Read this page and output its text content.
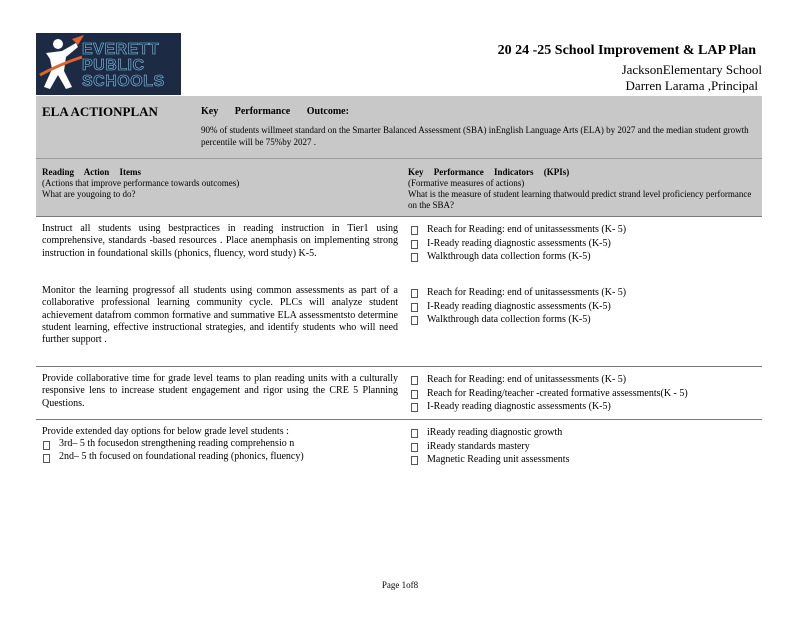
EVERETT
PUBLIC
SCHOOLS
20 24 -25 School Improvement & LAP Plan
JacksonElementary School
Darren Larama ,Principal
ELA ACTIONPLAN	Key Performance Outcome:
90% of students willmeet standard on the Smarter Balanced Assessment (SBA) inEnglish Language Arts (ELA) by 2027 and the median student growth percentile will be 75%by 2027 .
Reading Action Items
(Actions that improve performance towards outcomes)
What are yougoing to do?
Key Performance Indicators (KPIs)
(Formative measures of actions)
What is the measure of student learning thatwould predict strand level proficiency performance on the SBA?
Instruct all students using bestpractices in reading instruction in Tier1 using comprehensive, standards -based resources . Place anemphasis on implementing strong instruction in foundational skills (phonics, fluency, word study) K-5.
Reach for Reading: end of unitassessments (K- 5)
I-Ready reading diagnostic assessments (K-5)
Walkthrough data collection forms (K-5)
Monitor the learning progressof all students using common assessments as part of a collaborative professional learning community cycle. PLCs will analyze student achievement datafrom common formative and summative ELA assessmentsto determine student learning, effective instructional strategies, and identify students who will need further support .
Reach for Reading: end of unitassessments (K- 5)
I-Ready reading diagnostic assessments (K-5)
Walkthrough data collection forms (K-5)
Provide collaborative time for grade level teams to plan reading units with a culturally responsive lens to increase student engagement and rigor using the CRE 5 Planning Questions.
Reach for Reading: end of unitassessments (K- 5)
Reach for Reading/teacher -created formative assessments(K - 5)
I-Ready reading diagnostic assessments (K-5)
Provide extended day options for below grade level students :
3rd– 5 th focusedon strengthening reading comprehensio n
2nd– 5 th focused on foundational reading (phonics, fluency)
iReady reading diagnostic growth
iReady standards mastery
Magnetic Reading unit assessments
Page 1of8
